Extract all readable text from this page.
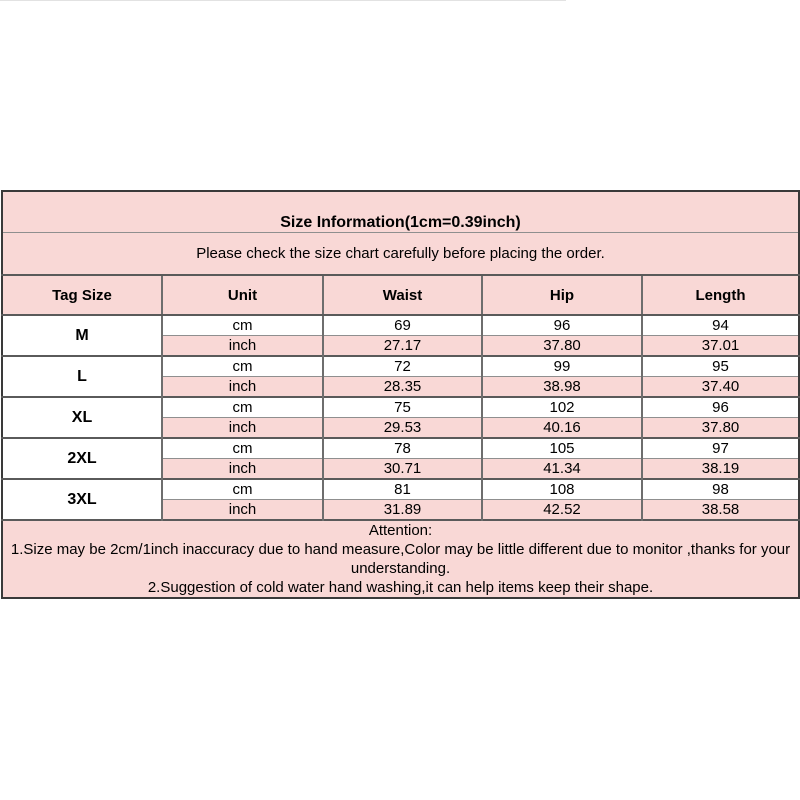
Size Information(1cm=0.39inch)				
Please check the size chart carefully before placing the order.				
Tag Size	Unit	Waist	Hip	Length
M	cm	69	96	94
	inch	27.17	37.80	37.01
L	cm	72	99	95
	inch	28.35	38.98	37.40
XL	cm	75	102	96
	inch	29.53	40.16	37.80
2XL	cm	78	105	97
	inch	30.71	41.34	38.19
3XL	cm	81	108	98
	inch	31.89	42.52	38.58

Attention:
1.Size may be 2cm/1inch inaccuracy due to hand measure,Color may be little different due to monitor ,thanks for your understanding.
2.Suggestion of cold water hand washing,it can help items keep their shape.				
